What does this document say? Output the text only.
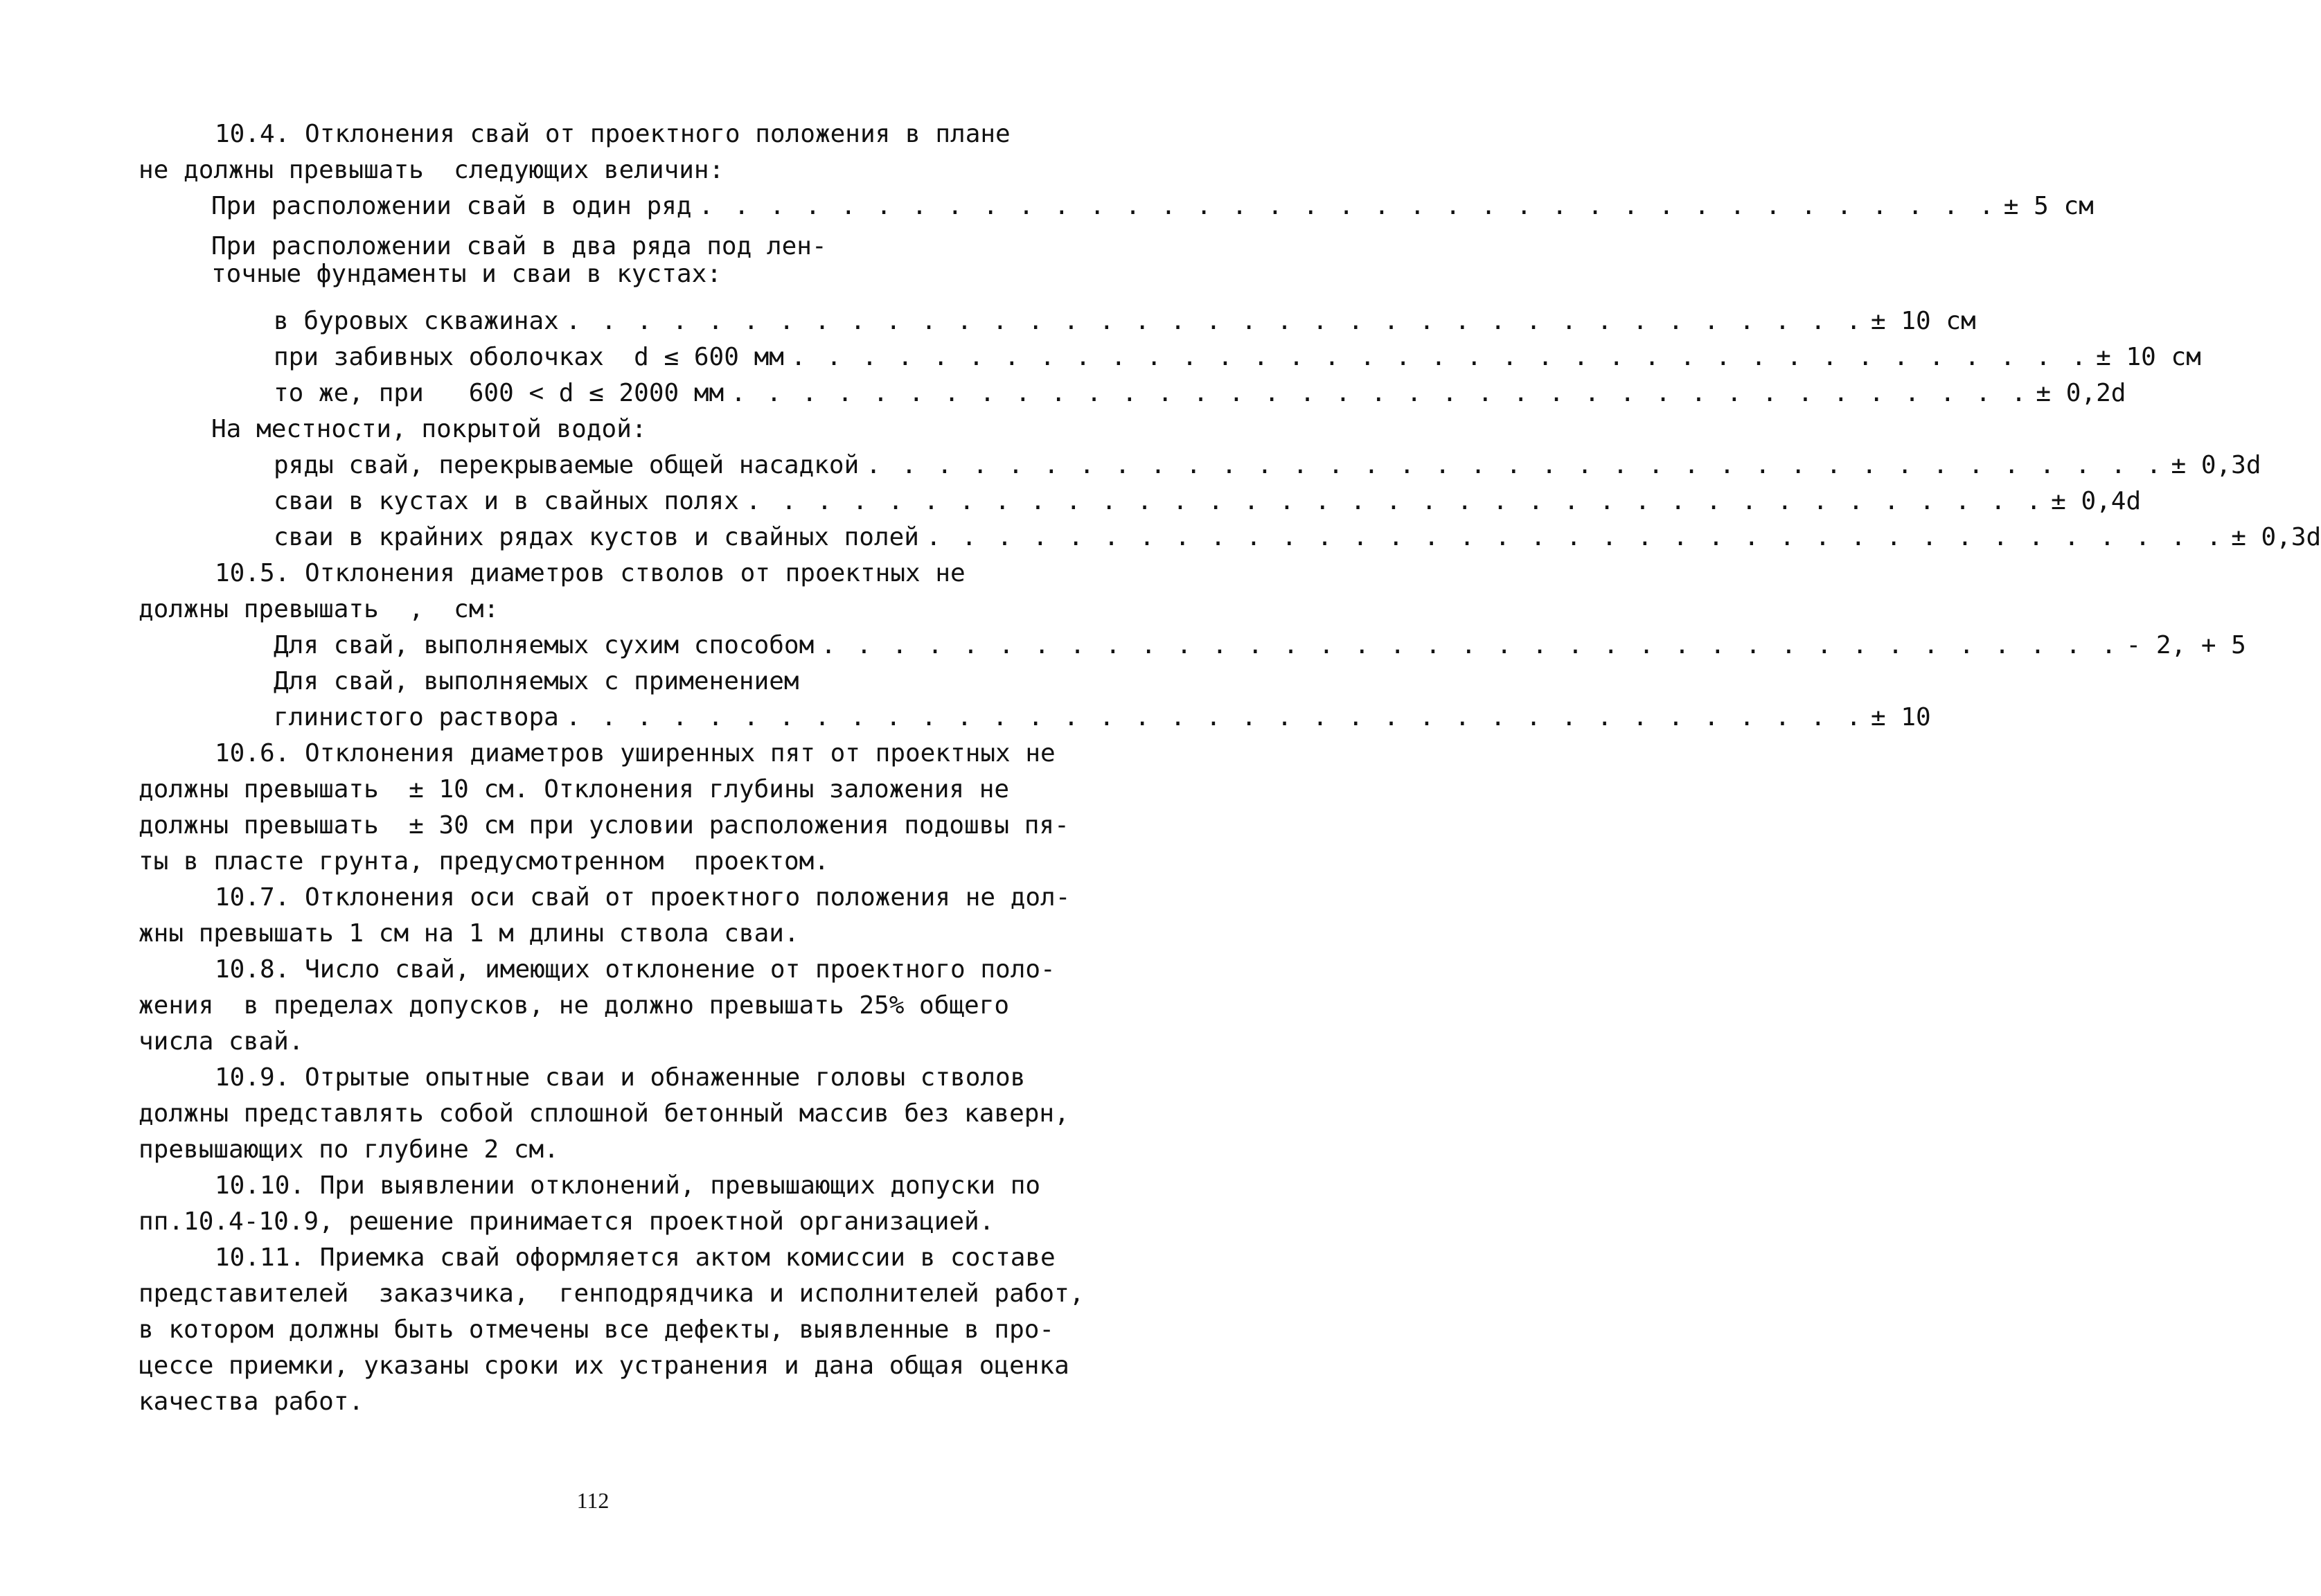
10.4. Отклонения свай от проектного положения в плане
не должны превышать  следующих величин:
При расположении свай в один ряд . . . . . . . . . . . . . . . . . . . . . . . . . . . . . . . . . . . . . ± 5 см
При расположении свай в два ряда под лен-
точные фундаменты и сваи в кустах:
в буровых скважинах . . . . . . . . . . . . . . . . . . . . . . . . . . . . . . . . . . . . . ± 10 см
при забивных оболочках  d ≤ 600 мм . . . . . . . . . . . . . . . . . . . . . . . . . . . . . . . . . . . . . ± 10 см
то же, при   600 < d ≤ 2000 мм . . . . . . . . . . . . . . . . . . . . . . . . . . . . . . . . . . . . . ± 0,2d
На местности, покрытой водой:
ряды свай, перекрываемые общей насадкой . . . . . . . . . . . . . . . . . . . . . . . . . . . . . . . . . . . . . ± 0,3d
сваи в кустах и в свайных полях . . . . . . . . . . . . . . . . . . . . . . . . . . . . . . . . . . . . . ± 0,4d
сваи в крайних рядах кустов и свайных полей . . . . . . . . . . . . . . . . . . . . . . . . . . . . . . . . . . . . . ± 0,3d
10.5. Отклонения диаметров стволов от проектных не
должны превышать  ,  см:
Для свай, выполняемых сухим способом . . . . . . . . . . . . . . . . . . . . . . . . . . . . . . . . . . . . . - 2, + 5
Для свай, выполняемых с применением
глинистого раствора . . . . . . . . . . . . . . . . . . . . . . . . . . . . . . . . . . . . . ± 10
10.6. Отклонения диаметров уширенных пят от проектных не
должны превышать  ± 10 см. Отклонения глубины заложения не
должны превышать  ± 30 см при условии расположения подошвы пя-
ты в пласте грунта, предусмотренном  проектом.
10.7. Отклонения оси свай от проектного положения не дол-
жны превышать 1 см на 1 м длины ствола сваи.
10.8. Число свай, имеющих отклонение от проектного поло-
жения  в пределах допусков, не должно превышать 25% общего
числа свай.
10.9. Отрытые опытные сваи и обнаженные головы стволов
должны представлять собой сплошной бетонный массив без каверн,
превышающих по глубине 2 см.
10.10. При выявлении отклонений, превышающих допуски по
пп.10.4-10.9, решение принимается проектной организацией.
10.11. Приемка свай оформляется актом комиссии в составе
представителей  заказчика,  генподрядчика и исполнителей работ,
в котором должны быть отмечены все дефекты, выявленные в про-
цессе приемки, указаны сроки их устранения и дана общая оценка
качества работ.
112
